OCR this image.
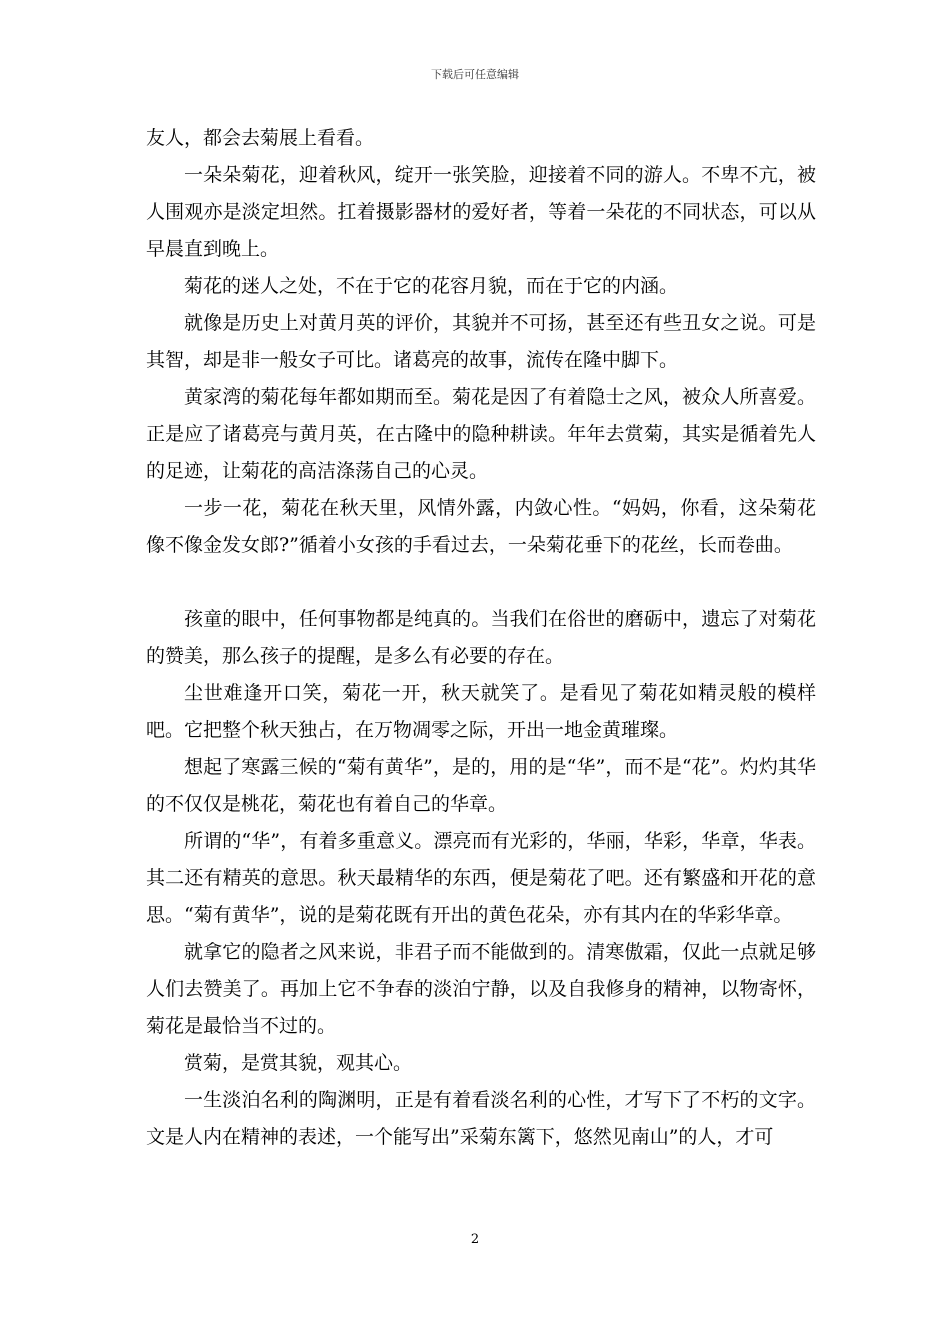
下载后可任意编辑

友人，都会去菊展上看看。

一朵朵菊花，迎着秋风，绽开一张笑脸，迎接着不同的游人。不卑不亢，被人围观亦是淡定坦然。扛着摄影器材的爱好者，等着一朵花的不同状态，可以从早晨直到晚上。

菊花的迷人之处，不在于它的花容月貌，而在于它的内涵。

就像是历史上对黄月英的评价，其貌并不可扬，甚至还有些丑女之说。可是其智，却是非一般女子可比。诸葛亮的故事，流传在隆中脚下。

黄家湾的菊花每年都如期而至。菊花是因了有着隐士之风，被众人所喜爱。正是应了诸葛亮与黄月英，在古隆中的隐种耕读。年年去赏菊，其实是循着先人的足迹，让菊花的高洁涤荡自己的心灵。

一步一花，菊花在秋天里，风情外露，内敛心性。“妈妈，你看，这朵菊花像不像金发女郎?”循着小女孩的手看过去，一朵菊花垂下的花丝，长而卷曲。

孩童的眼中，任何事物都是纯真的。当我们在俗世的磨砺中，遗忘了对菊花的赞美，那么孩子的提醒，是多么有必要的存在。

尘世难逢开口笑，菊花一开，秋天就笑了。是看见了菊花如精灵般的模样吧。它把整个秋天独占，在万物凋零之际，开出一地金黄璀璨。

想起了寒露三候的“菊有黄华”，是的，用的是“华”，而不是“花”。灼灼其华的不仅仅是桃花，菊花也有着自己的华章。

所谓的“华”，有着多重意义。漂亮而有光彩的，华丽，华彩，华章，华表。其二还有精英的意思。秋天最精华的东西，便是菊花了吧。还有繁盛和开花的意思。“菊有黄华”，说的是菊花既有开出的黄色花朵，亦有其内在的华彩华章。

就拿它的隐者之风来说，非君子而不能做到的。清寒傲霜，仅此一点就足够人们去赞美了。再加上它不争春的淡泊宁静，以及自我修身的精神，以物寄怀，菊花是最恰当不过的。

赏菊，是赏其貌，观其心。

一生淡泊名利的陶渊明，正是有着看淡名利的心性，才写下了不朽的文字。文是人内在精神的表述，一个能写出”采菊东篱下，悠然见南山”的人，才可

2
